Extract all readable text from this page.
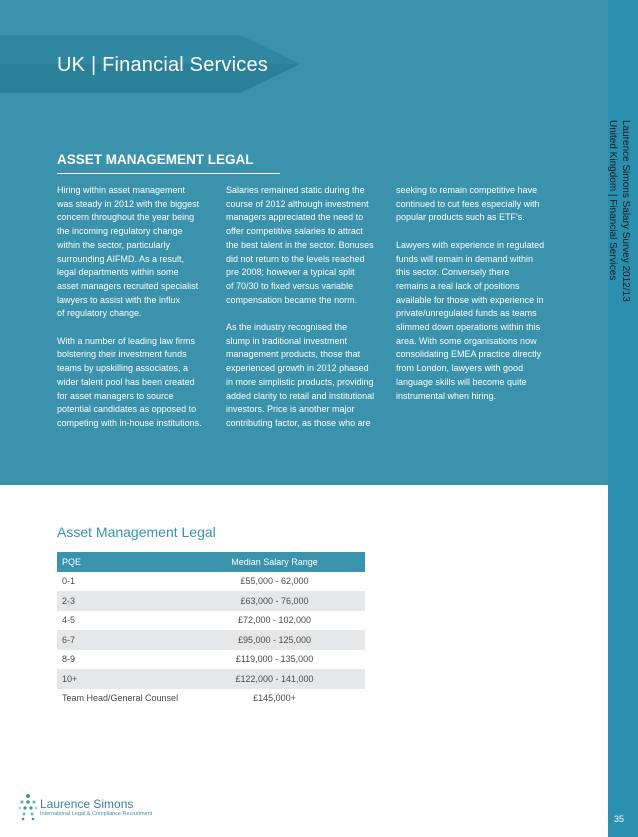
UK | Financial Services
Laurence Simons Salary Survey 2012/13
United Kingdom | Financial Services
35
ASSET MANAGEMENT LEGAL

Hiring within asset management
was steady in 2012 with the biggest
concern throughout the year being
the incoming regulatory change
within the sector, particularly
surrounding AIFMD. As a result,
legal departments within some
asset managers recruited specialist
lawyers to assist with the influx
of regulatory change.

With a number of leading law firms
bolstering their investment funds
teams by upskilling associates, a
wider talent pool has been created
for asset managers to source
potential candidates as opposed to
competing with in-house institutions.

Salaries remained static during the
course of 2012 although investment
managers appreciated the need to
offer competitive salaries to attract
the best talent in the sector. Bonuses
did not return to the levels reached
pre 2008; however a typical split
of 70/30 to fixed versus variable
compensation became the norm.

As the industry recognised the
slump in traditional investment
management products, those that
experienced growth in 2012 phased
in more simplistic products, providing
added clarity to retail and institutional
investors. Price is another major
contributing factor, as those who are

seeking to remain competitive have
continued to cut fees especially with
popular products such as ETF's.

Lawyers with experience in regulated
funds will remain in demand within
this sector. Conversely there
remains a real lack of positions
available for those with experience in
private/unregulated funds as teams
slimmed down operations within this
area. With some organisations now
consolidating EMEA practice directly
from London, lawyers with good
language skills will become quite
instrumental when hiring.

Asset Management Legal
PQE	Median Salary Range
0-1	£55,000 - 62,000
2-3	£63,000 - 76,000
4-5	£72,000 - 102,000
6-7	£95,000 - 125,000
8-9	£119,000 - 135,000
10+	£122,000 - 141,000
Team Head/General Counsel	£145,000+
Laurence Simons
International Legal & Compliance Recruitment
